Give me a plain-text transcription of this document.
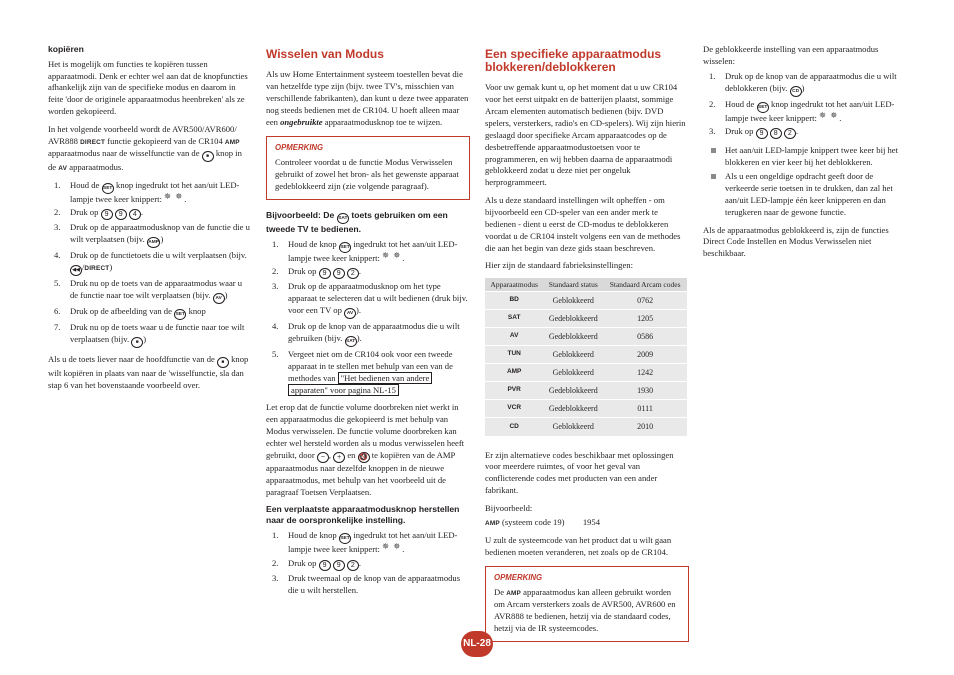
kopiëren

Het is mogelijk om functies te kopiëren tussen apparaatmodi. Denk er echter wel aan dat de knopfuncties afhankelijk zijn van de specifieke modus en daarom in feite 'door de originele apparaatmodus heenbreken' als ze worden gekopieerd.

In het volgende voorbeeld wordt de AVR500/AVR600/ AVR888 DIRECT functie gekopieerd van de CR104 AMP apparaatmodus naar de wisselfunctie van de ■ knop in de AV apparaatmodus.

1. Houd de SET knop ingedrukt tot het aan/uit LED-lampje twee keer knippert: ✵ ✵	.
2. Druk op 9 9 4 .
3. Druk op de apparaatmodusknop van de functie die u wilt verplaatsen (bijv. AMP )
4. Druk op de functietoets die u wilt verplaatsen (bijv. ◀◀ /DIRECT)
5. Druk nu op de toets van de apparaatmodus waar u de functie naar toe wilt verplaatsen (bijv. AV )
6. Druk op de afbeelding van de SET knop
7. Druk nu op de toets waar u de functie naar toe wilt verplaatsen (bijv. ■ )

Als u de toets liever naar de hoofdfunctie van de ■ knop wilt kopiëren in plaats van naar de 'wisselfunctie, sla dan stap 6 van het bovenstaande voorbeeld over.

Wisselen van Modus

Als uw Home Entertainment systeem toestellen bevat die van hetzelfde type zijn (bijv. twee TV's, misschien van verschillende fabrikanten), dan kunt u deze twee apparaten nog steeds bedienen met de CR104. U hoeft alleen maar een ongebruikte apparaatmodusknop toe te wijzen.

OPMERKING
Controleer voordat u de functie Modus Verwisselen gebruikt of zowel het bron- als het gewenste apparaat gedeblokkeerd zijn (zie volgende paragraaf).
Bijvoorbeeld: De SAT toets gebruiken om een tweede TV te bedienen.
1. Houd de knop SET ingedrukt tot het aan/uit LED-lampje twee keer knippert: ✵ ✵	.
2. Druk op 9 9 2 .
3. Druk op de apparaatmodusknop om het type apparaat te selecteren dat u wilt bedienen (druk bijv. voor een TV op AV ).
4. Druk op de knop van de apparaatmodus die u wilt gebruiken (bijv. SAT ).
5. Vergeet niet om de CR104 ook voor een tweede apparaat in te stellen met behulp van een van de methodes van "Het bedienen van andere apparaten" voor pagina NL-15

Let erop dat de functie volume doorbreken niet werkt in een apparaatmodus die gekopieerd is met behulp van Modus verwisselen. De functie volume doorbreken kan echter wel hersteld worden als u modus verwisselen heeft gebruikt, door − , + en 🔇 te kopiëren van de AMP apparaatmodus naar dezelfde knoppen in de nieuwe apparaatmodus, met behulp van het voorbeeld uit de paragraaf Toetsen Verplaatsen.

Een verplaatste apparaatmodusknop herstellen naar de oorspronkelijke instelling.
1. Houd de knop SET ingedrukt tot het aan/uit LED-lampje twee keer knippert: ✵ ✵	.
2. Druk op 9 9 2 .
3. Druk tweemaal op de knop van de apparaatmodus die u wilt herstellen.
Een specifieke apparaatmodus blokkeren/deblokkeren

Voor uw gemak kunt u, op het moment dat u uw CR104 voor het eerst uitpakt en de batterijen plaatst, sommige Arcam elementen automatisch bedienen (bijv. DVD spelers, versterkers, radio's en CD-spelers). Wij zijn hierin geslaagd door specifieke Arcam apparaatcodes op de desbetreffende apparaatmodustoetsen voor te programmeren, en wij hebben daarna de apparaatmodi geblokkeerd zodat u deze niet per ongeluk herprogrammeert.

Als u deze standaard instellingen wilt opheffen - om bijvoorbeeld een CD-speler van een ander merk te bedienen - dient u eerst de CD-modus te deblokkeren voordat u de CR104 instelt volgens een van de methodes die aan het begin van deze gids staan beschreven.

Hier zijn de standaard fabrieksinstellingen:

Apparaatmodus	Standaard status	Standaard Arcam codes
BD	Geblokkeerd	0762
SAT	Gedeblokkeerd	1205
AV	Gedeblokkeerd	0586
TUN	Geblokkeerd	2009
AMP	Geblokkeerd	1242
PVR	Gedeblokkeerd	1930
VCR	Gedeblokkeerd	0111
CD	Geblokkeerd	2010

Er zijn alternatieve codes beschikbaar met oplossingen voor meerdere ruimtes, of voor het geval van conflicterende codes met producten van een ander fabrikant.

Bijvoorbeeld:

AMP (systeem code 19) 1954

U zult de systeemcode van het product dat u wilt gaan bedienen moeten veranderen, net zoals op de CR104.

OPMERKING
De AMP apparaatmodus kan alleen gebruikt worden om Arcam versterkers zoals de AVR500, AVR600 en AVR888 te bedienen, hetzij via de standaard codes, hetzij via de IR systeemcodes.

De geblokkeerde instelling van een apparaatmodus wisselen:

1. Druk op de knop van de apparaatmodus die u wilt deblokkeren (bijv. CD )
2. Houd de SET knop ingedrukt tot het aan/uit LED-lampje twee keer knippert: ✵ ✵	.
3. Druk op 9 8 2 .
Het aan/uit LED-lampje knippert twee keer bij het blokkeren en vier keer bij het deblokkeren.
Als u een ongeldige opdracht geeft door de verkeerde serie toetsen in te drukken, dan zal het aan/uit LED-lampje één keer knipperen en dan terugkeren naar de gewone functie.

Als de apparaatmodus geblokkeerd is, zijn de functies Direct Code Instellen en Modus Verwisselen niet beschikbaar.

NL-28
